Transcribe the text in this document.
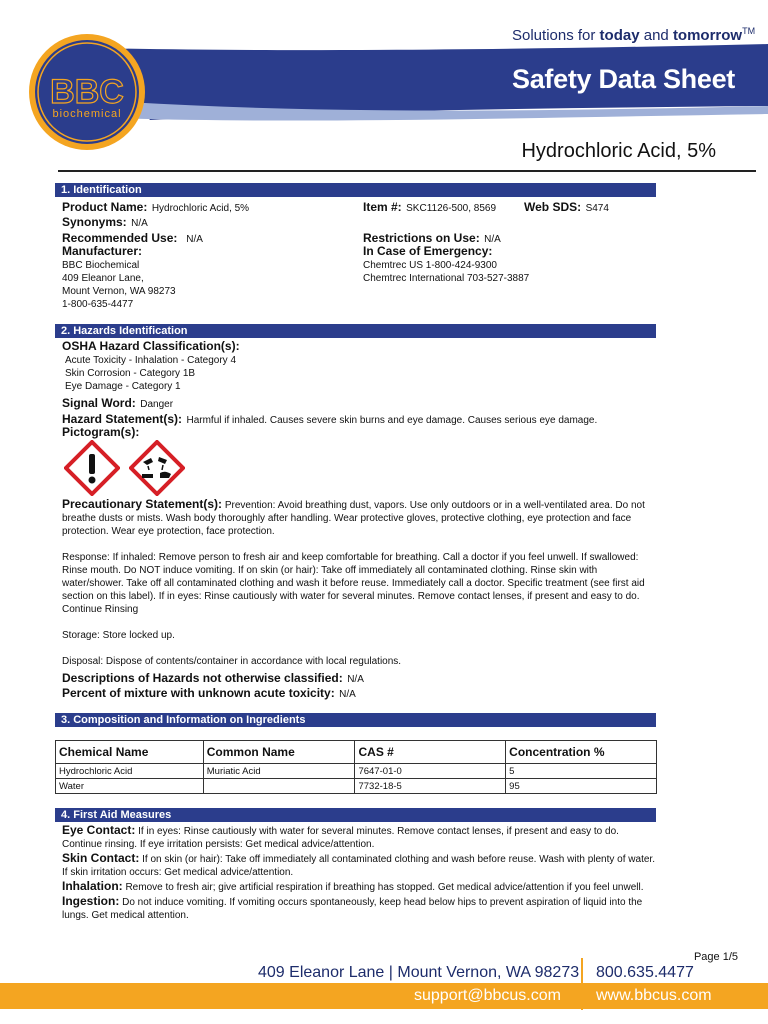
BBC
biochemical
Solutions for today and tomorrow™
Safety Data Sheet
Hydrochloric Acid, 5%
1. Identification
Product Name: Hydrochloric Acid, 5%	Item #: SKC1126-500, 8569 Web SDS: S474
Synonyms: N/A
Recommended Use: N/A	Restrictions on Use: N/A
Manufacturer:	In Case of Emergency:
BBC Biochemical
409 Eleanor Lane,
Mount Vernon, WA 98273
1-800-635-4477
Chemtrec US 1-800-424-9300
Chemtrec International 703-527-3887
2. Hazards Identification
OSHA Hazard Classification(s):
Acute Toxicity - Inhalation - Category 4
Skin Corrosion - Category 1B
Eye Damage - Category 1
Signal Word: Danger
Hazard Statement(s): Harmful if inhaled. Causes severe skin burns and eye damage. Causes serious eye damage.
Pictogram(s):
Precautionary Statement(s): Prevention: Avoid breathing dust, vapors. Use only outdoors or in a well-ventilated area. Do not
breathe dusts or mists. Wash body thoroughly after handling. Wear protective gloves, protective clothing, eye protection and face
protection. Wear eye protection, face protection.
Response: If inhaled: Remove person to fresh air and keep comfortable for breathing. Call a doctor if you feel unwell. If swallowed:
Rinse mouth. Do NOT induce vomiting. If on skin (or hair): Take off immediately all contaminated clothing. Rinse skin with
water/shower. Take off all contaminated clothing and wash it before reuse. Immediately call a doctor. Specific treatment (see first aid
section on this label). If in eyes: Rinse cautiously with water for several minutes. Remove contact lenses, if present and easy to do.
Continue Rinsing
Storage: Store locked up.
Disposal: Dispose of contents/container in accordance with local regulations.
Descriptions of Hazards not otherwise classified: N/A
Percent of mixture with unknown acute toxicity: N/A
3. Composition and Information on Ingredients
Chemical Name	Common Name	CAS #	Concentration %
Hydrochloric Acid	Muriatic Acid	7647-01-0	5
Water		7732-18-5	95
4. First Aid Measures
Eye Contact: If in eyes: Rinse cautiously with water for several minutes. Remove contact lenses, if present and easy to do.
Continue rinsing. If eye irritation persists: Get medical advice/attention.
Skin Contact: If on skin (or hair): Take off immediately all contaminated clothing and wash before reuse. Wash with plenty of water.
If skin irritation occurs: Get medical advice/attention.
Inhalation: Remove to fresh air; give artificial respiration if breathing has stopped. Get medical advice/attention if you feel unwell.
Ingestion: Do not induce vomiting. If vomiting occurs spontaneously, keep head below hips to prevent aspiration of liquid into the
lungs. Get medical attention.
Page 1/5
409 Eleanor Lane | Mount Vernon, WA 98273 800.635.4477
support@bbcus.com www.bbcus.com
